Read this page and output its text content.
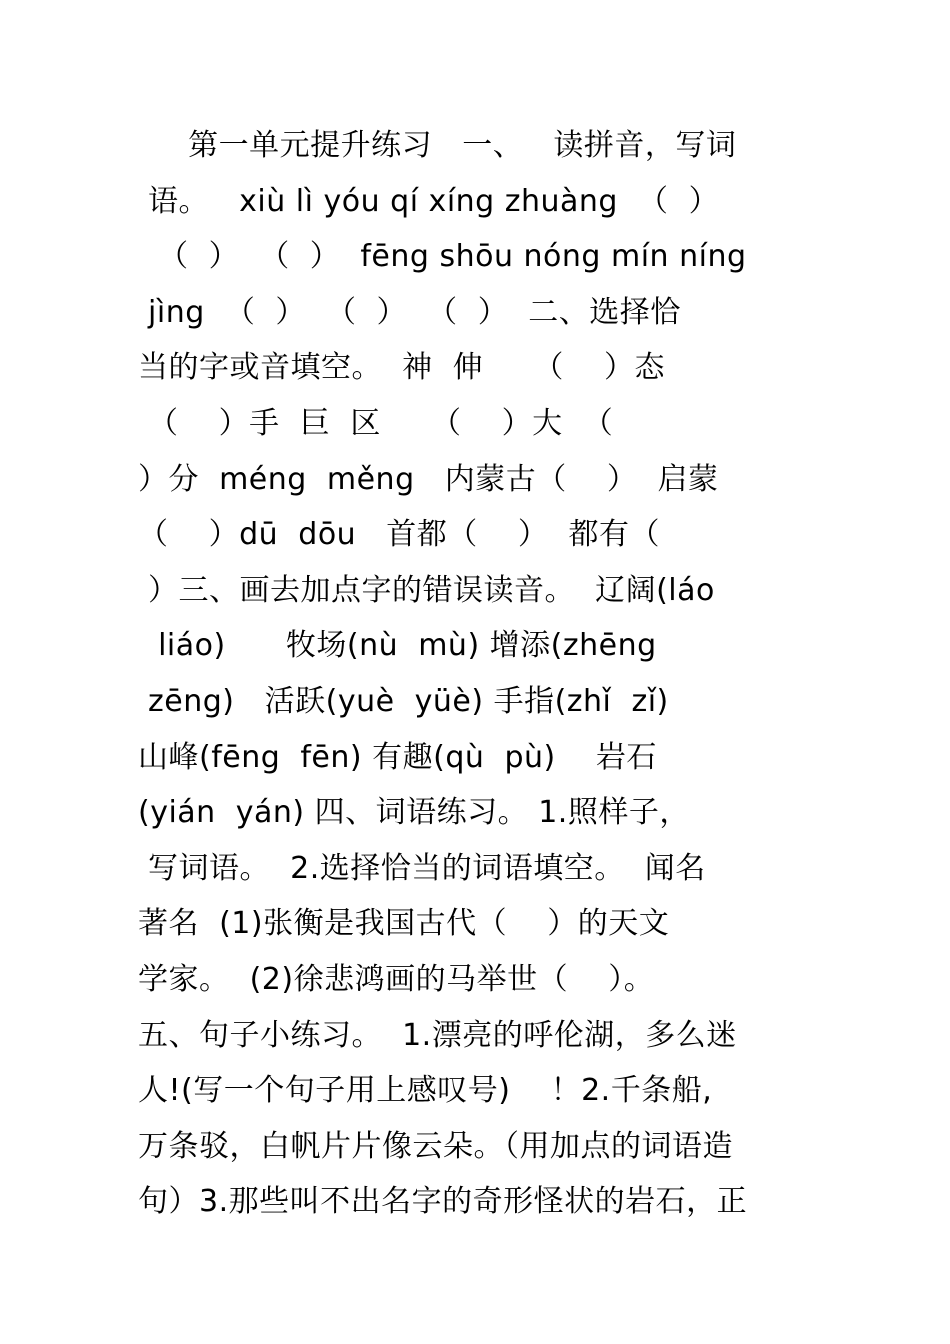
第一单元提升练习   一、   读拼音，写词
语。   xiù lì yóu qí xíng zhuàng  （  ）
（  ）  （  ）  fēng shōu nóng mín níng
jìng  （  ）  （  ）  （  ）  二、选择恰
当的字或音填空。  神  伸     （    ）态
（    ）手  巨  区     （    ）大  （
）分  méng  měng   内蒙古（    ）  启蒙
（    ）dū  dōu   首都（    ）  都有（
）三、画去加点字的错误读音。  辽阔(láo
liáo)      牧场(nù  mù) 增添(zhēng
zēng)   活跃(yuè  yüè) 手指(zhǐ  zǐ)
山峰(fēng  fēn) 有趣(qù  pù)    岩石
(yián  yán) 四、词语练习。 1.照样子，
写词语。  2.选择恰当的词语填空。  闻名
著名  (1)张衡是我国古代（    ）的天文
学家。  (2)徐悲鸿画的马举世（    ）。
五、句子小练习。  1.漂亮的呼伦湖，多么迷
人!(写一个句子用上感叹号)    ！2.千条船,
万条驳，白帆片片像云朵。（用加点的词语造
句）3.那些叫不出名字的奇形怪状的岩石，正
